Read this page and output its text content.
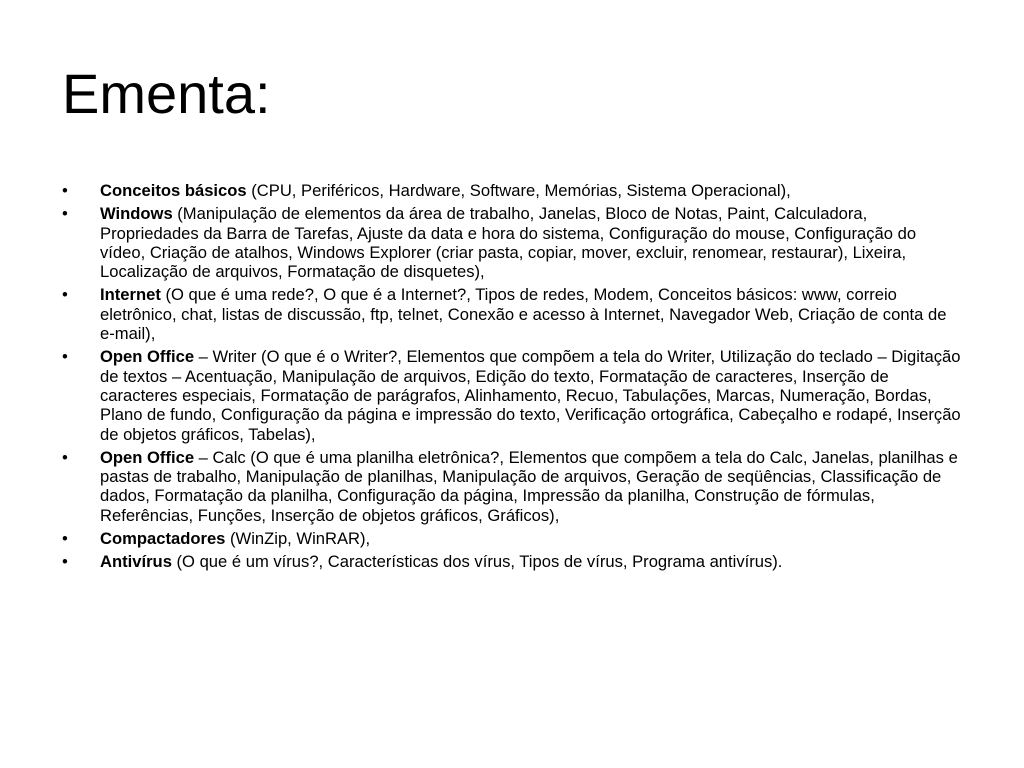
Ementa:
•	Conceitos básicos (CPU, Periféricos, Hardware, Software, Memórias, Sistema Operacional),
•	Windows (Manipulação de elementos da área de trabalho, Janelas, Bloco de Notas, Paint, Calculadora, Propriedades da Barra de Tarefas, Ajuste da data e hora do sistema, Configuração do mouse, Configuração do vídeo, Criação de atalhos, Windows Explorer (criar pasta, copiar, mover, excluir, renomear, restaurar), Lixeira, Localização de arquivos, Formatação de disquetes),
•	Internet (O que é uma rede?, O que é a Internet?, Tipos de redes, Modem, Conceitos básicos: www, correio eletrônico, chat, listas de discussão, ftp, telnet, Conexão e acesso à Internet, Navegador Web, Criação de conta de e-mail),
•	Open Office – Writer (O que é o Writer?, Elementos que compõem a tela do Writer, Utilização do teclado – Digitação de textos – Acentuação, Manipulação de arquivos, Edição do texto, Formatação de caracteres, Inserção de caracteres especiais, Formatação de parágrafos, Alinhamento, Recuo, Tabulações, Marcas, Numeração, Bordas, Plano de fundo, Configuração da página e impressão do texto, Verificação ortográfica, Cabeçalho e rodapé, Inserção de objetos gráficos, Tabelas),
•	Open Office – Calc (O que é uma planilha eletrônica?, Elementos que compõem a tela do Calc, Janelas, planilhas e pastas de trabalho, Manipulação de planilhas, Manipulação de arquivos, Geração de seqüências, Classificação de dados, Formatação da planilha, Configuração da página, Impressão da planilha, Construção de fórmulas, Referências, Funções, Inserção de objetos gráficos, Gráficos),
•	Compactadores (WinZip, WinRAR),
•	Antivírus (O que é um vírus?, Características dos vírus, Tipos de vírus, Programa antivírus).
